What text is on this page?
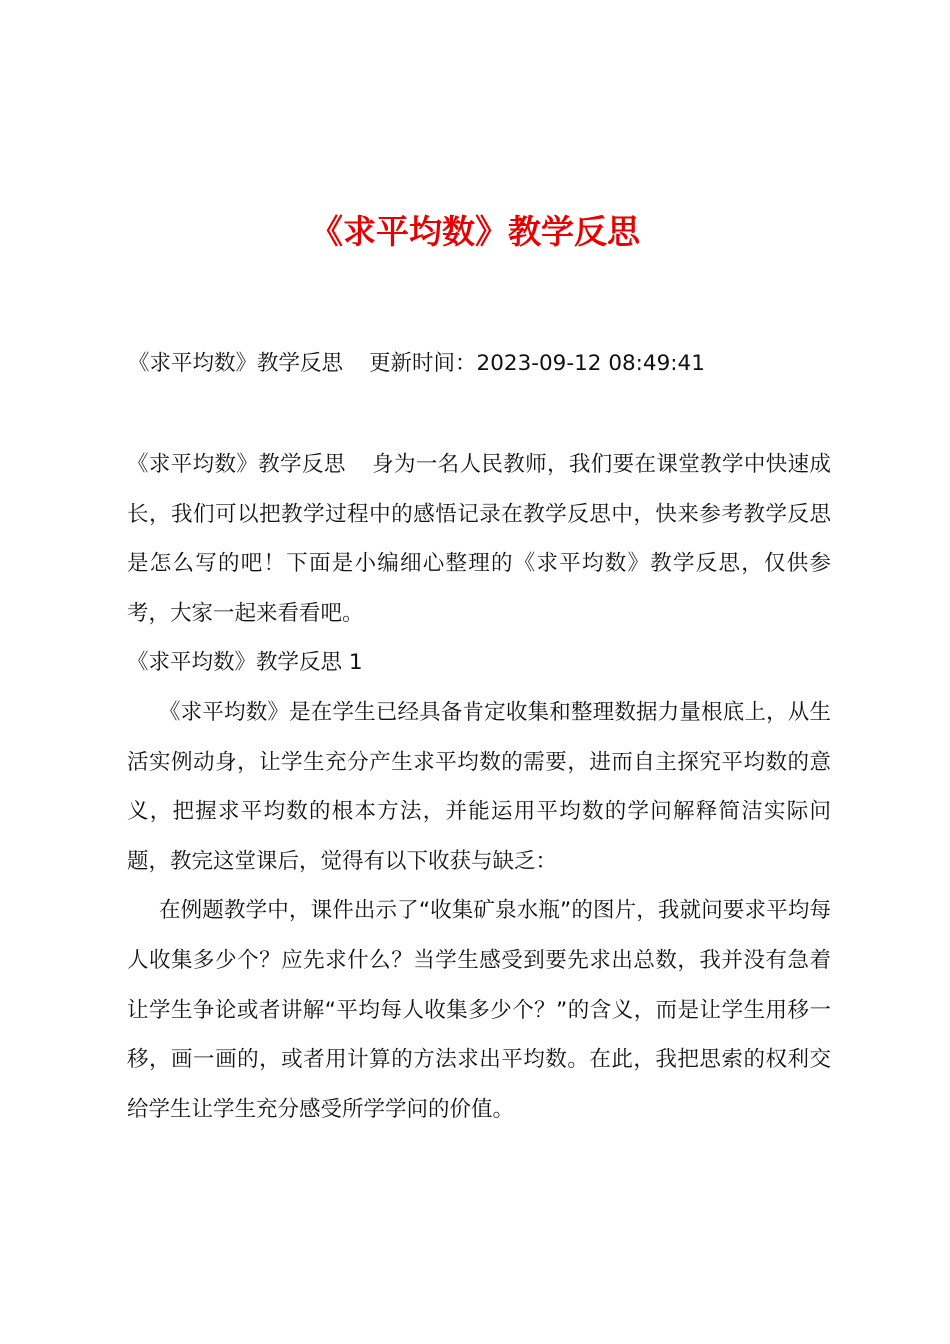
《求平均数》教学反思

《求平均数》教学反思 更新时间：2023-09-12 08:49:41

《求平均数》教学反思 身为一名人民教师，我们要在课堂教学中快速成长，我们可以把教学过程中的感悟记录在教学反思中，快来参考教学反思是怎么写的吧！下面是小编细心整理的《求平均数》教学反思，仅供参考，大家一起来看看吧。

《求平均数》教学反思 1

《求平均数》是在学生已经具备肯定收集和整理数据力量根底上，从生活实例动身，让学生充分产生求平均数的需要，进而自主探究平均数的意义，把握求平均数的根本方法，并能运用平均数的学问解释简洁实际问题，教完这堂课后，觉得有以下收获与缺乏：

在例题教学中，课件出示了“收集矿泉水瓶”的图片，我就问要求平均每人收集多少个？应先求什么？当学生感受到要先求出总数，我并没有急着让学生争论或者讲解“平均每人收集多少个？”的含义，而是让学生用移一移，画一画的，或者用计算的方法求出平均数。在此，我把思索的权利交给学生让学生充分感受所学学问的价值。
